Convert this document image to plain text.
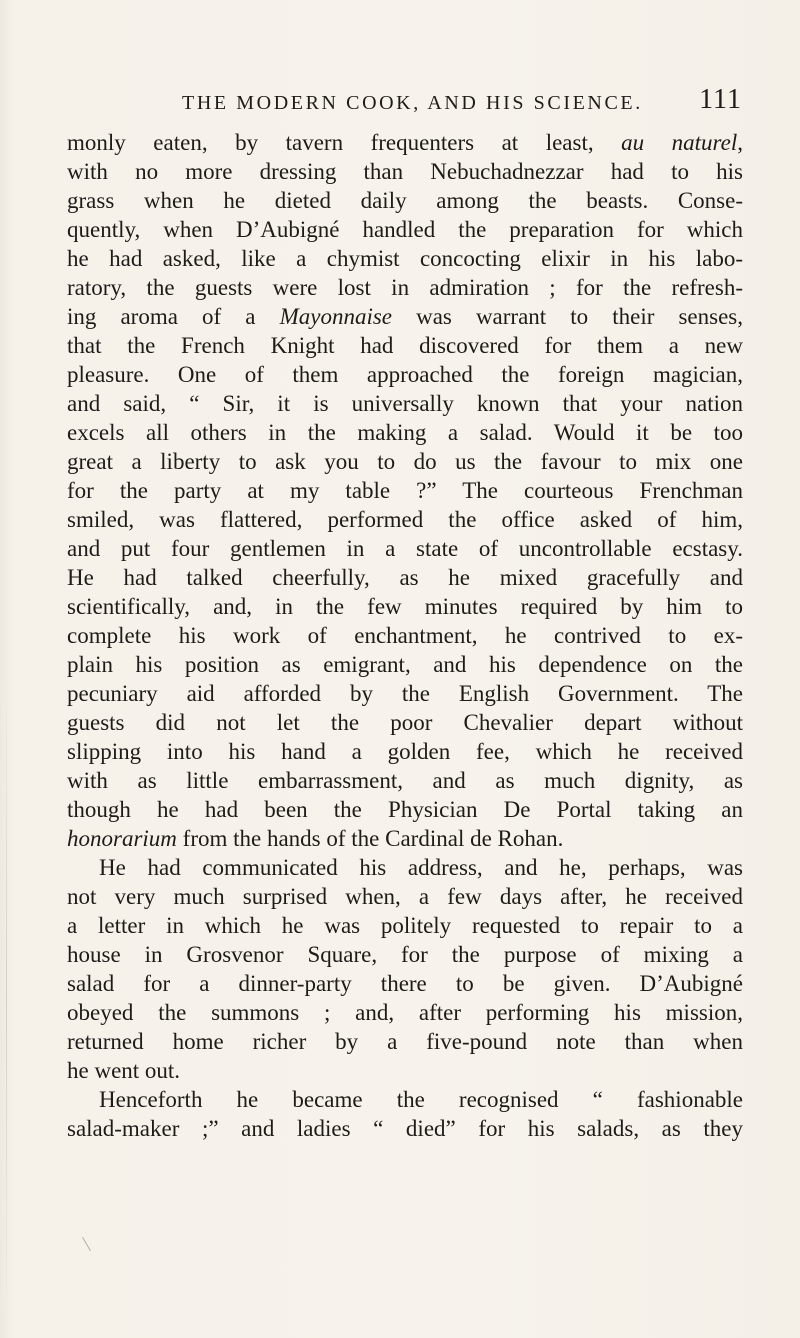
THE MODERN COOK, AND HIS SCIENCE. 111
monly eaten, by tavern frequenters at least, au naturel,
with no more dressing than Nebuchadnezzar had to his
grass when he dieted daily among the beasts. Conse-
quently, when D’Aubigné handled the preparation for which
he had asked, like a chymist concocting elixir in his labo-
ratory, the guests were lost in admiration ; for the refresh-
ing aroma of a Mayonnaise was warrant to their senses,
that the French Knight had discovered for them a new
pleasure. One of them approached the foreign magician,
and said, “ Sir, it is universally known that your nation
excels all others in the making a salad. Would it be too
great a liberty to ask you to do us the favour to mix one
for the party at my table ?” The courteous Frenchman
smiled, was flattered, performed the office asked of him,
and put four gentlemen in a state of uncontrollable ecstasy.
He had talked cheerfully, as he mixed gracefully and
scientifically, and, in the few minutes required by him to
complete his work of enchantment, he contrived to ex-
plain his position as emigrant, and his dependence on the
pecuniary aid afforded by the English Government. The
guests did not let the poor Chevalier depart without
slipping into his hand a golden fee, which he received
with as little embarrassment, and as much dignity, as
though he had been the Physician De Portal taking an
honorarium from the hands of the Cardinal de Rohan.
He had communicated his address, and he, perhaps, was
not very much surprised when, a few days after, he received
a letter in which he was politely requested to repair to a
house in Grosvenor Square, for the purpose of mixing a
salad for a dinner-party there to be given. D’Aubigné
obeyed the summons ; and, after performing his mission,
returned home richer by a five-pound note than when
he went out.
Henceforth he became the recognised “ fashionable
salad-maker ;” and ladies “ died” for his salads, as they
